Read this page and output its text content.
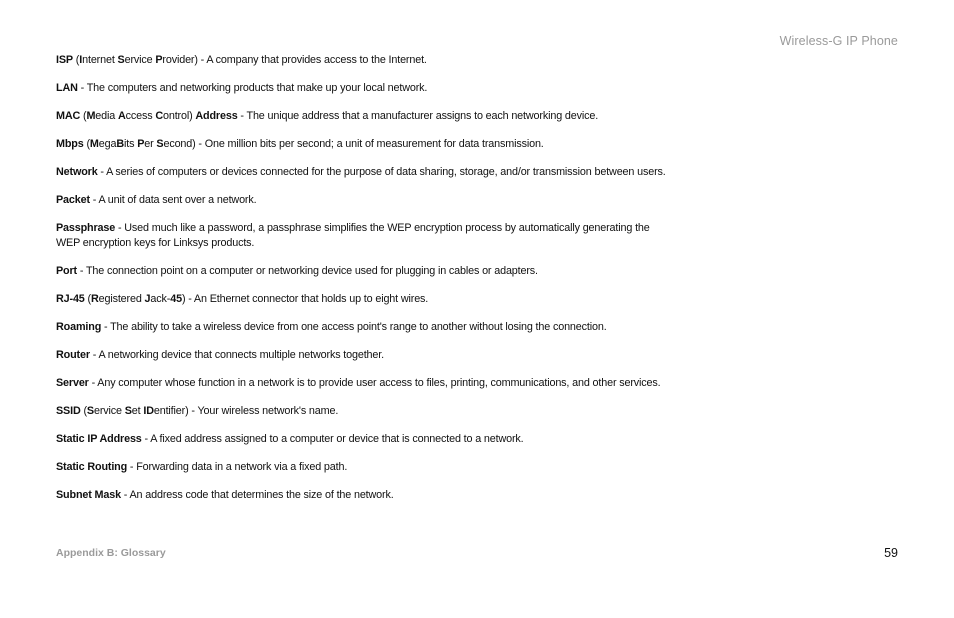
Wireless-G IP Phone

ISP (Internet Service Provider) - A company that provides access to the Internet.

LAN - The computers and networking products that make up your local network.

MAC (Media Access Control) Address - The unique address that a manufacturer assigns to each networking device.

Mbps (MegaBits Per Second) - One million bits per second; a unit of measurement for data transmission.

Network - A series of computers or devices connected for the purpose of data sharing, storage, and/or transmission between users.

Packet - A unit of data sent over a network.

Passphrase - Used much like a password, a passphrase simplifies the WEP encryption process by automatically generating the WEP encryption keys for Linksys products.

Port - The connection point on a computer or networking device used for plugging in cables or adapters.

RJ-45 (Registered Jack-45) - An Ethernet connector that holds up to eight wires.

Roaming - The ability to take a wireless device from one access point's range to another without losing the connection.

Router - A networking device that connects multiple networks together.

Server - Any computer whose function in a network is to provide user access to files, printing, communications, and other services.

SSID (Service Set IDentifier) - Your wireless network's name.

Static IP Address - A fixed address assigned to a computer or device that is connected to a network.

Static Routing - Forwarding data in a network via a fixed path.

Subnet Mask - An address code that determines the size of the network.

Appendix B: Glossary	59
